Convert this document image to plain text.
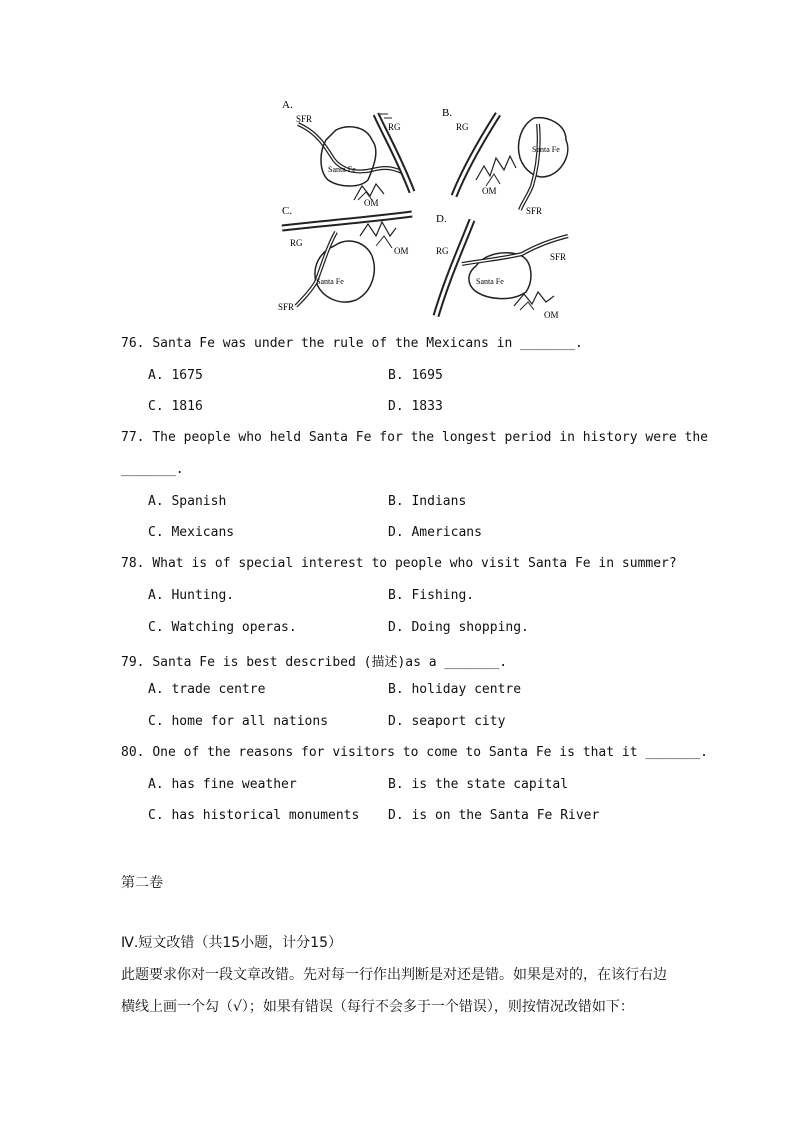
A.
SFR
RG
Santa Fe
OM
B.
RG
Santa Fe
OM
SFR
C.
RG
OM
Santa Fe
SFR
D.
RG
SFR
Santa Fe
OM
76. Santa Fe was under the rule of the Mexicans in _______.
A. 1675	B. 1695
C. 1816	D. 1833
77. The people who held Santa Fe for the longest period in history were the
_______.
A. Spanish	B. Indians
C. Mexicans	D. Americans
78. What is of special interest to people who visit Santa Fe in summer?
A. Hunting.	B. Fishing.
C. Watching operas.	D. Doing shopping.
79. Santa Fe is best described (描述)as a _______.
A. trade centre	B. holiday centre
C. home for all nations	D. seaport city
80. One of the reasons for visitors to come to Santa Fe is that it _______.
A. has fine weather	B. is the state capital
C. has historical monuments D. is on the Santa Fe River
第二卷
Ⅳ.短文改错（共15小题，计分15）
此题要求你对一段文章改错。先对每一行作出判断是对还是错。如果是对的，在该行右边
横线上画一个勾（√）；如果有错误（每行不会多于一个错误），则按情况改错如下：
